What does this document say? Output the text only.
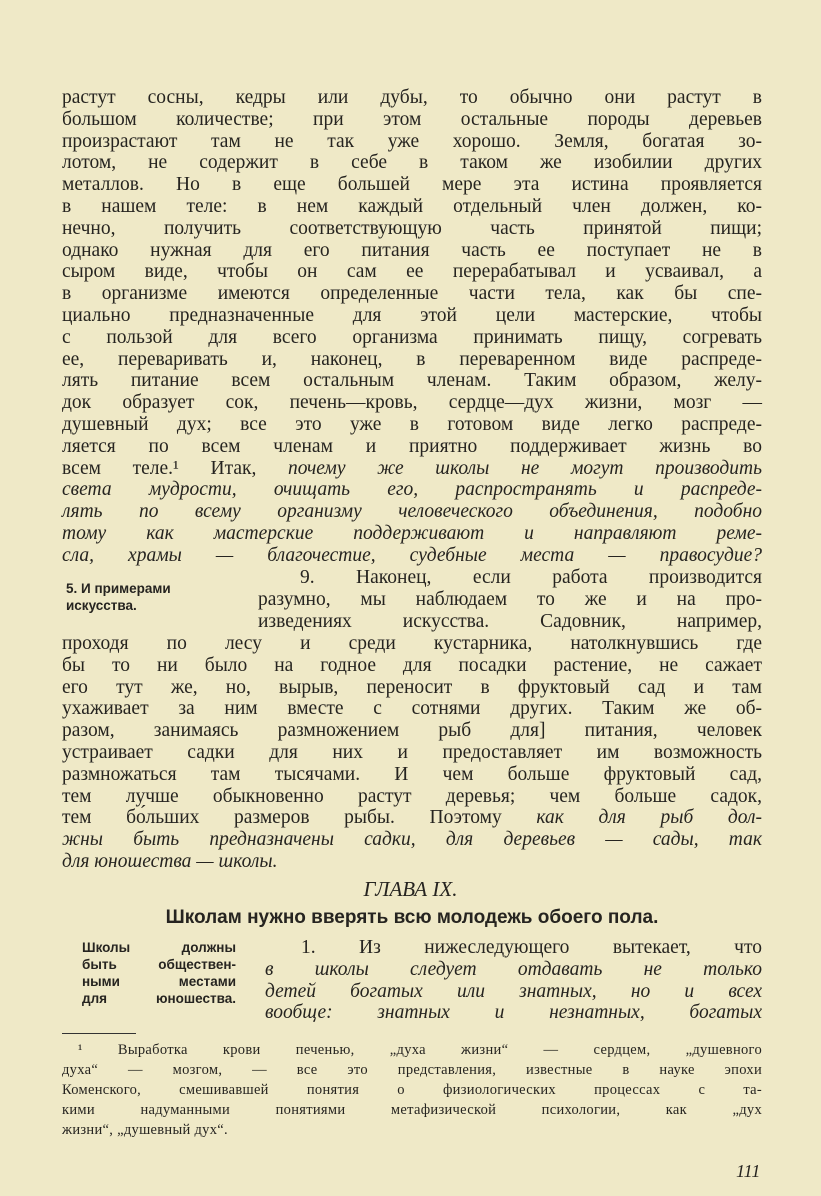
растут сосны, кедры или дубы, то обычно они растут в
большом количестве; при этом остальные породы деревьев
произрастают там не так уже хорошо. Земля, богатая зо-
лотом, не содержит в себе в таком же изобилии других
металлов. Но в еще большей мере эта истина проявляется
в нашем теле: в нем каждый отдельный член должен, ко-
нечно, получить соответствующую часть принятой пищи;
однако нужная для его питания часть ее поступает не в
сыром виде, чтобы он сам ее перерабатывал и усваивал, а
в организме имеются определенные части тела, как бы спе-
циально предназначенные для этой цели мастерские, чтобы
с пользой для всего организма принимать пищу, согревать
ее, переваривать и, наконец, в переваренном виде распреде-
лять питание всем остальным членам. Таким образом, желу-
док образует сок, печень—кровь, сердце—дух жизни, мозг —
душевный дух; все это уже в готовом виде легко распреде-
ляется по всем членам и приятно поддерживает жизнь во
всем теле.¹ Итак, почему же школы не могут производить
света мудрости, очищать его, распространять и распреде-
лять по всему организму человеческого объединения, подобно
тому как мастерские поддерживают и направляют реме-
сла, храмы — благочестие, судебные места — правосудие?
5. И примерами
искусства.
9. Наконец, если работа производится
разумно, мы наблюдаем то же и на про-
изведениях искусства. Садовник, например,
проходя по лесу и среди кустарника, натолкнувшись где
бы то ни было на годное для посадки растение, не сажает
его тут же, но, вырыв, переносит в фруктовый сад и там
ухаживает за ним вместе с сотнями других. Таким же об-
разом, занимаясь размножением рыб для] питания, человек
устраивает садки для них и предоставляет им возможность
размножаться там тысячами. И чем больше фруктовый сад,
тем лучше обыкновенно растут деревья; чем больше садок,
тем бо́льших размеров рыбы. Поэтому как для рыб дол-
жны быть предназначены садки, для деревьев — сады, так
для юношества — школы.
ГЛАВА IX.
Школам нужно вверять всю молодежь обоего пола.
Школы должны
быть обществен-
ными местами
для юношества.
1. Из нижеследующего вытекает, что
в школы следует отдавать не только
детей богатых или знатных, но и всех
вообще: знатных и незнатных, богатых
¹ Выработка крови печенью, „духа жизни“ — сердцем, „душевного
духа“ — мозгом, — все это представления, известные в науке эпохи
Коменского, смешивавшей понятия о физиологических процессах с та-
кими надуманными понятиями метафизической психологии, как „дух
жизни“, „душевный дух“.
111
